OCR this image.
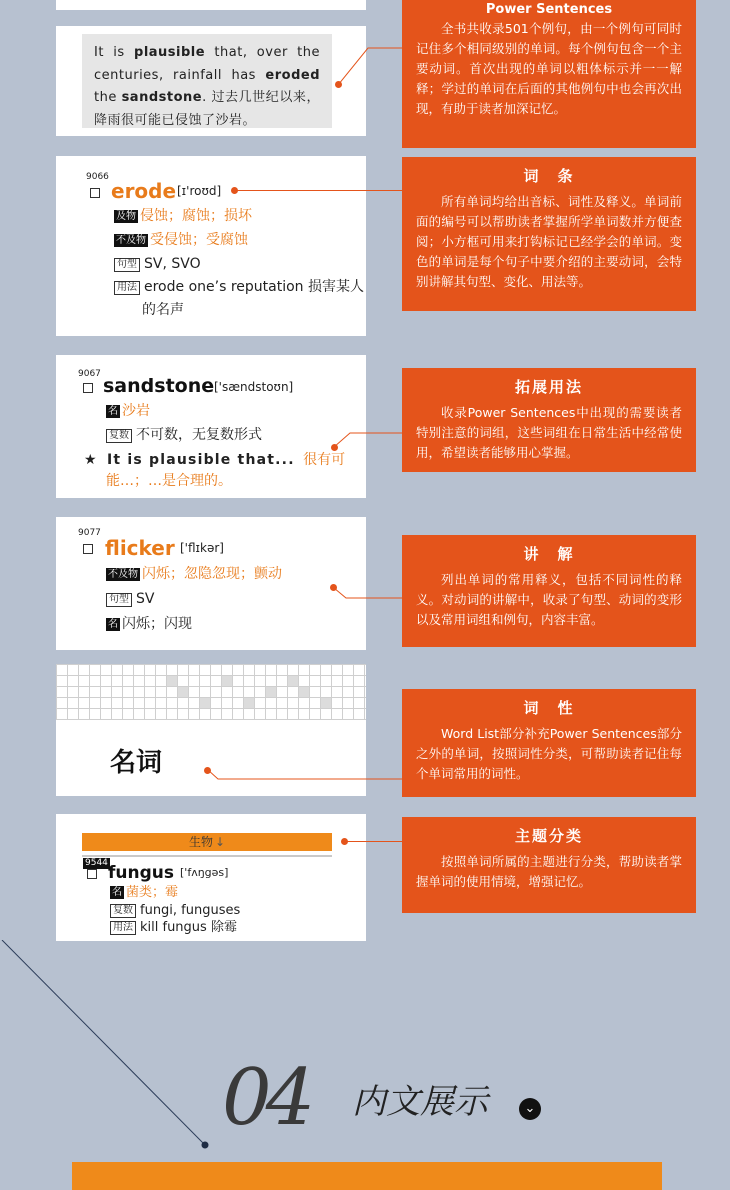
It is plausible that, over the centuries, rainfall has eroded the sandstone. 过去几世纪以来，降雨很可能已侵蚀了沙岩。
Power Sentences
全书共收录501个例句，由一个例句可同时记住多个相同级别的单词。每个例句包含一个主要动词。首次出现的单词以粗体标示并一一解释；学过的单词在后面的其他例句中也会再次出现，有助于读者加深记忆。
9066
erode [ɪ'roʊd]
及物 侵蚀；腐蚀；损坏
不及物 受侵蚀；受腐蚀
句型 SV, SVO
用法 erode one’s reputation 损害某人
的名声
词　条
所有单词均给出音标、词性及释义。单词前面的编号可以帮助读者掌握所学单词数并方便查阅；小方框可用来打钩标记已经学会的单词。变色的单词是每个句子中要介绍的主要动词，会特别讲解其句型、变化、用法等。
9067
sandstone ['sændstoʊn]
名 沙岩
复数 不可数，无复数形式
★ It is plausible that... 很有可
能…；…是合理的。
拓展用法
收录Power Sentences中出现的需要读者特别注意的词组，这些词组在日常生活中经常使用，希望读者能够用心掌握。
9077
flicker ['flɪkər]
不及物 闪烁；忽隐忽现；颤动
句型 SV
名 闪烁；闪现
讲　解
列出单词的常用释义，包括不同词性的释义。对动词的讲解中，收录了句型、动词的变形以及常用词组和例句，内容丰富。
名词
词　性
Word List部分补充Power Sentences部分之外的单词，按照词性分类，可帮助读者记住每个单词常用的词性。
生物 ↓
9544 fungus ['fʌŋgəs]
名 菌类；霉
复数 fungi, funguses
用法 kill fungus 除霉
主题分类
按照单词所属的主题进行分类，帮助读者掌握单词的使用情境，增强记忆。
04 内文展示	⌄
